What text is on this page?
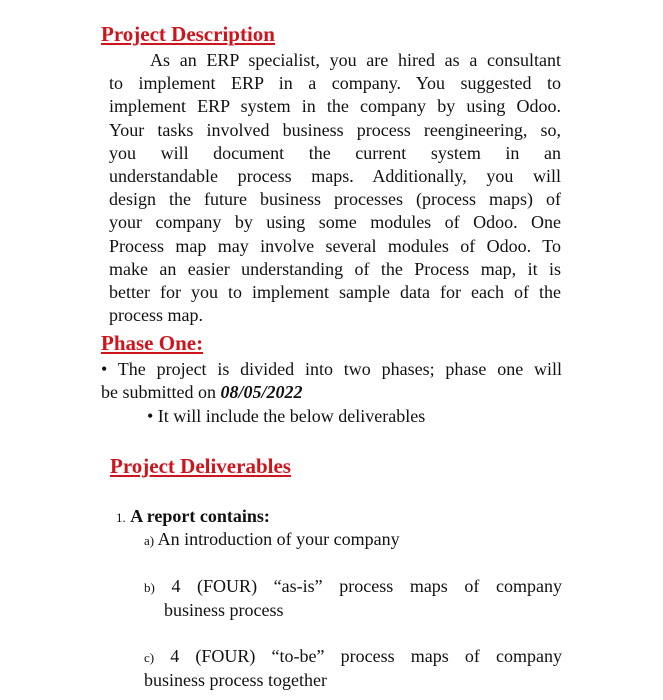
Project Description
As an ERP specialist, you are hired as a consultant
to implement ERP in a company. You suggested to
implement ERP system in the company by using Odoo.
Your tasks involved business process reengineering, so,
you will document the current system in an
understandable process maps. Additionally, you will
design the future business processes (process maps) of
your company by using some modules of Odoo. One
Process map may involve several modules of Odoo. To
make an easier understanding of the Process map, it is
better for you to implement sample data for each of the
process map.
Phase One:
• The project is divided into two phases; phase one will
be submitted on 08/05/2022
• It will include the below deliverables
Project Deliverables
1. A report contains:
a) An introduction of your company
b) 4 (FOUR) “as-is” process maps of company
business process
c) 4 (FOUR) “to-be” process maps of company
business process together
